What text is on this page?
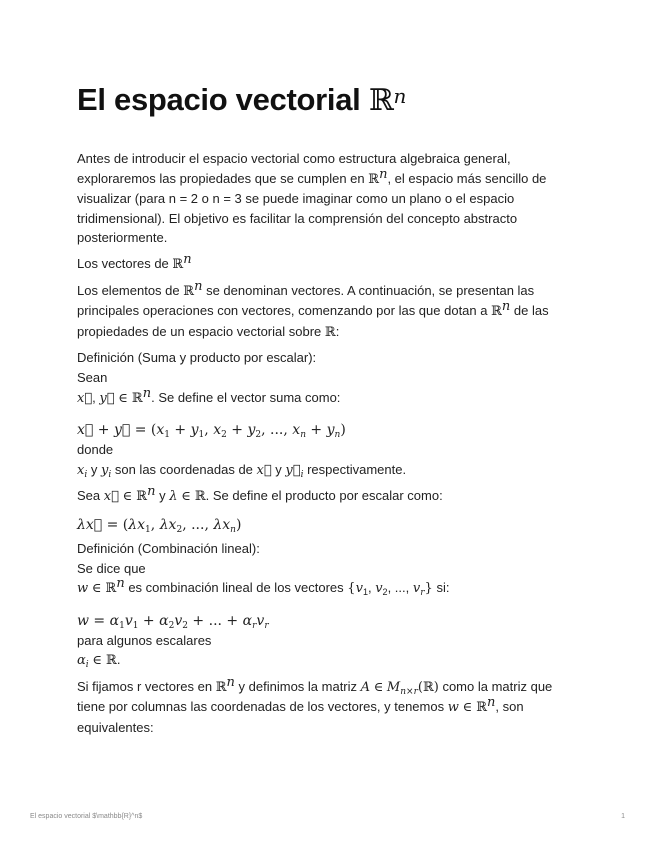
El espacio vectorial ℝ$^n$

Antes de introducir el espacio vectorial como estructura algebraica general, exploraremos las propiedades que se cumplen en ℝ$^n$, el espacio más sencillo de visualizar (para n = 2 o n = 3 se puede imaginar como un plano o el espacio tridimensional). El objetivo es facilitar la comprensión del concepto abstracto posteriormente.

Los vectores de ℝ$^n$

Los elementos de ℝ$^n$ se denominan vectores. A continuación, se presentan las principales operaciones con vectores, comenzando por las que dotan a ℝ$^n$ de las propiedades de un espacio vectorial sobre ℝ:

Definición (Suma y producto por escalar):
Sean
x⃗, y⃗ ∈ ℝ$^n$. Se define el vector suma como:
x⃗ + y⃗ = ($x_1 + y_1$, $x_2 + y_2$, ..., $x_n + y_n$)
donde
$x_i$ y $y_i$ son las coordenadas de x⃗ y $y⃗_i$ respectivamente.

Sea x⃗ ∈ ℝ$^n$ y λ ∈ ℝ. Se define el producto por escalar como:

λx⃗ = ($\lambda x_1$, $\lambda x_2$, ..., $\lambda x_n$)
Definición (Combinación lineal):
Se dice que
w ∈ ℝ$^n$ es combinación lineal de los vectores {$v_1$, $v_2$, ..., $v_r$} si:
$w = \alpha_1v_1 + \alpha_2v_2$ + ... + $\alpha_rv_r$
para algunos escalares
$\alpha_i$ ∈ ℝ.

Si fijamos r vectores en ℝ$^n$ y definimos la matriz A ∈ $M_{n\times r}(ℝ)$ como la matriz que tiene por columnas las coordenadas de los vectores, y tenemos w ∈ ℝ$^n$, son equivalentes:

El espacio vectorial $\mathbb{R}^n$	1
